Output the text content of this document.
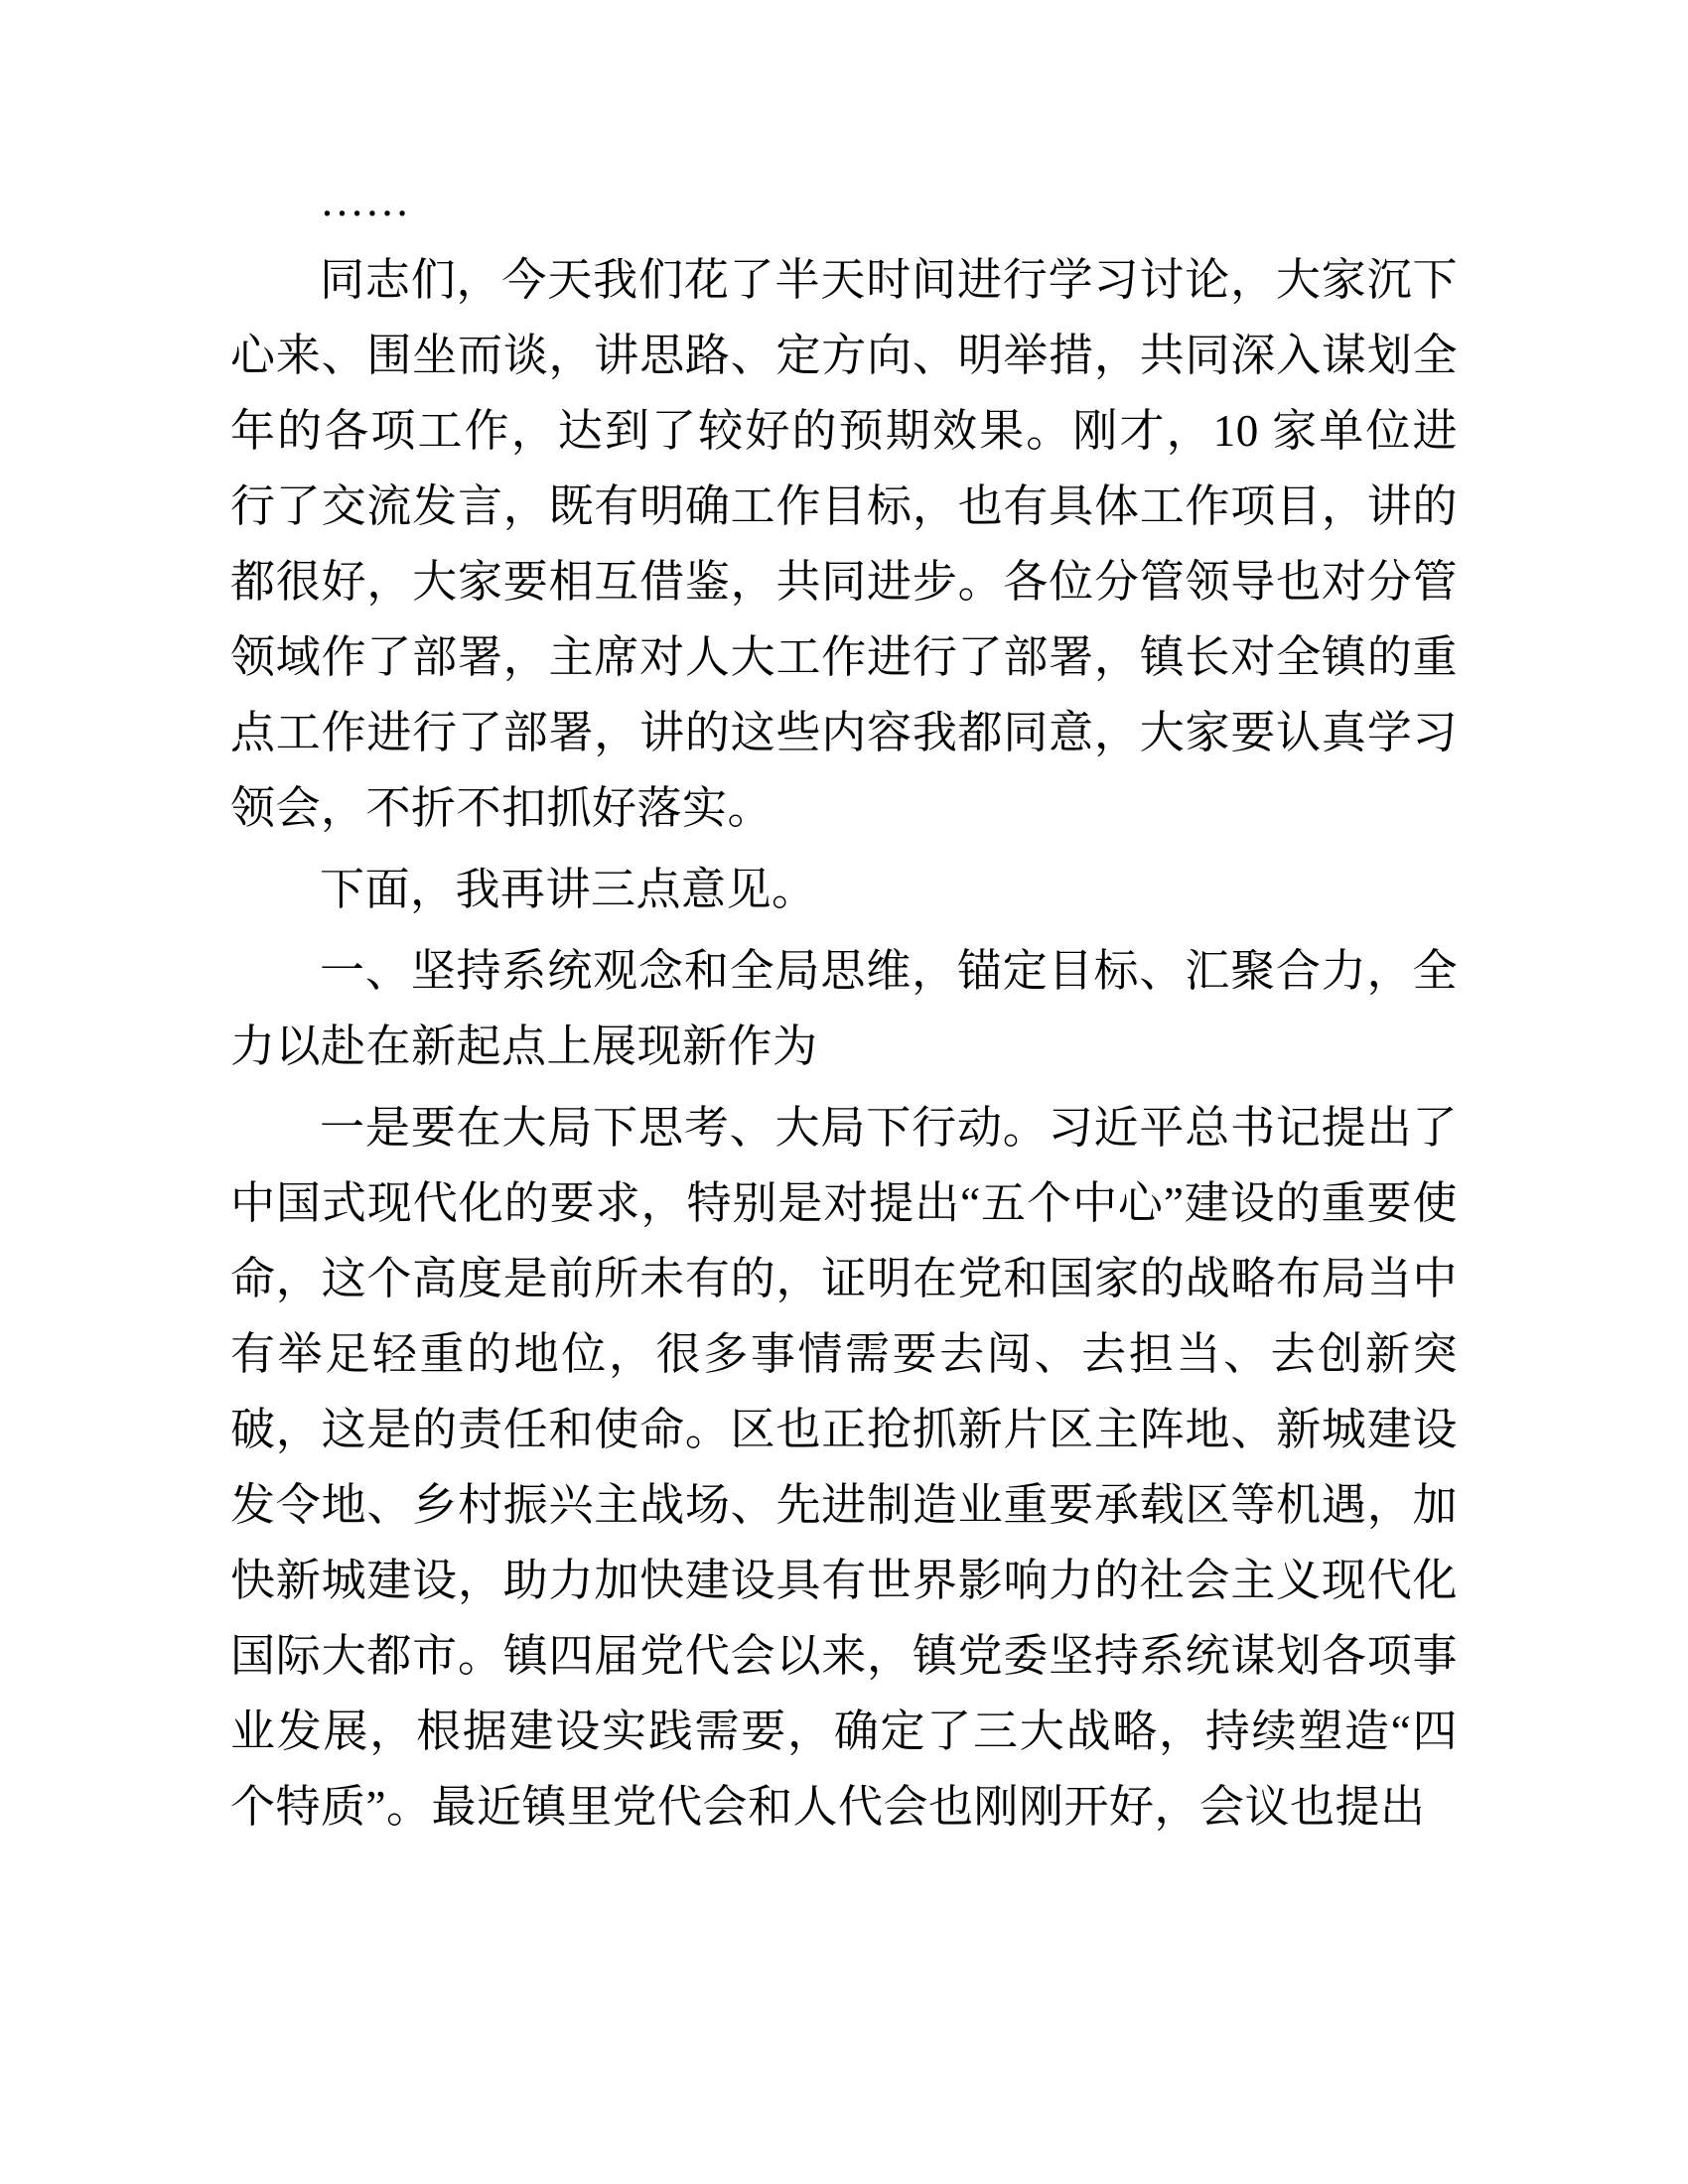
……

同志们，今天我们花了半天时间进行学习讨论，大家沉下心来、围坐而谈，讲思路、定方向、明举措，共同深入谋划全年的各项工作，达到了较好的预期效果。刚才，10 家单位进行了交流发言，既有明确工作目标，也有具体工作项目，讲的都很好，大家要相互借鉴，共同进步。各位分管领导也对分管领域作了部署，主席对人大工作进行了部署，镇长对全镇的重点工作进行了部署，讲的这些内容我都同意，大家要认真学习领会，不折不扣抓好落实。

下面，我再讲三点意见。

一、坚持系统观念和全局思维，锚定目标、汇聚合力，全力以赴在新起点上展现新作为

一是要在大局下思考、大局下行动。习近平总书记提出了中国式现代化的要求，特别是对提出“五个中心”建设的重要使命，这个高度是前所未有的，证明在党和国家的战略布局当中有举足轻重的地位，很多事情需要去闯、去担当、去创新突破，这是的责任和使命。区也正抢抓新片区主阵地、新城建设发令地、乡村振兴主战场、先进制造业重要承载区等机遇，加快新城建设，助力加快建设具有世界影响力的社会主义现代化国际大都市。镇四届党代会以来，镇党委坚持系统谋划各项事业发展，根据建设实践需要，确定了三大战略，持续塑造“四个特质”。最近镇里党代会和人代会也刚刚开好，会议也提出
